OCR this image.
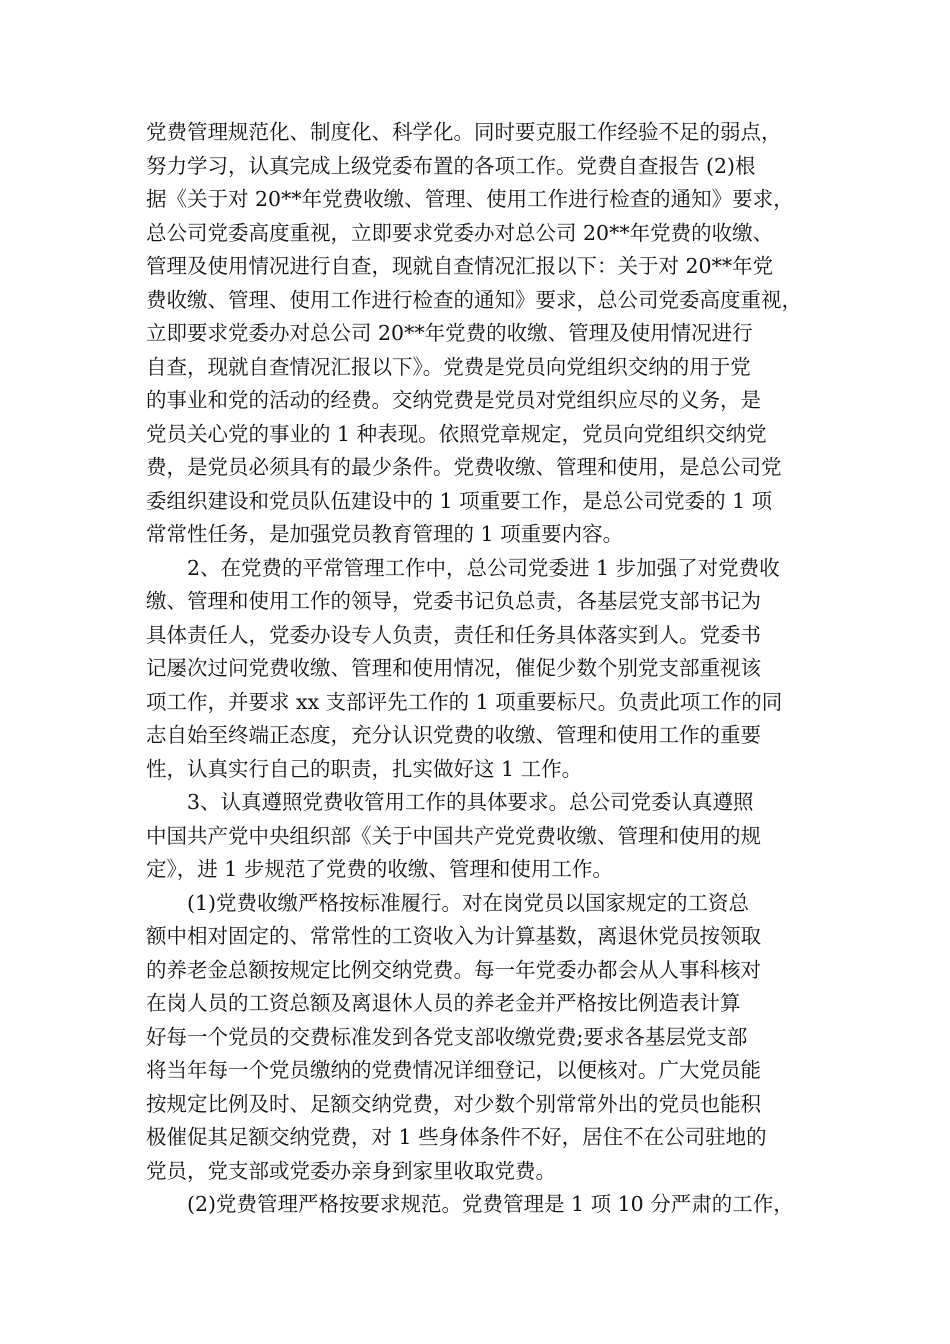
党费管理规范化、制度化、科学化。同时要克服工作经验不足的弱点，
努力学习，认真完成上级党委布置的各项工作。党费自查报告 (2)根
据《关于对 20**年党费收缴、管理、使用工作进行检查的通知》要求，
总公司党委高度重视，立即要求党委办对总公司 20**年党费的收缴、
管理及使用情况进行自查，现就自查情况汇报以下：关于对 20**年党
费收缴、管理、使用工作进行检查的通知》要求，总公司党委高度重视，
立即要求党委办对总公司 20**年党费的收缴、管理及使用情况进行
自查，现就自查情况汇报以下》。党费是党员向党组织交纳的用于党
的事业和党的活动的经费。交纳党费是党员对党组织应尽的义务，是
党员关心党的事业的 1 种表现。依照党章规定，党员向党组织交纳党
费，是党员必须具有的最少条件。党费收缴、管理和使用，是总公司党
委组织建设和党员队伍建设中的 1 项重要工作，是总公司党委的 1 项
常常性任务，是加强党员教育管理的 1 项重要内容。
2、在党费的平常管理工作中，总公司党委进 1 步加强了对党费收
缴、管理和使用工作的领导，党委书记负总责，各基层党支部书记为
具体责任人，党委办设专人负责，责任和任务具体落实到人。党委书
记屡次过问党费收缴、管理和使用情况，催促少数个别党支部重视该
项工作，并要求 xx 支部评先工作的 1 项重要标尺。负责此项工作的同
志自始至终端正态度，充分认识党费的收缴、管理和使用工作的重要
性，认真实行自己的职责，扎实做好这 1 工作。
3、认真遵照党费收管用工作的具体要求。总公司党委认真遵照
中国共产党中央组织部《关于中国共产党党费收缴、管理和使用的规
定》，进 1 步规范了党费的收缴、管理和使用工作。
(1)党费收缴严格按标准履行。对在岗党员以国家规定的工资总
额中相对固定的、常常性的工资收入为计算基数，离退休党员按领取
的养老金总额按规定比例交纳党费。每一年党委办都会从人事科核对
在岗人员的工资总额及离退休人员的养老金并严格按比例造表计算
好每一个党员的交费标准发到各党支部收缴党费;要求各基层党支部
将当年每一个党员缴纳的党费情况详细登记，以便核对。广大党员能
按规定比例及时、足额交纳党费，对少数个别常常外出的党员也能积
极催促其足额交纳党费，对 1 些身体条件不好，居住不在公司驻地的
党员，党支部或党委办亲身到家里收取党费。
(2)党费管理严格按要求规范。党费管理是 1 项 10 分严肃的工作，
